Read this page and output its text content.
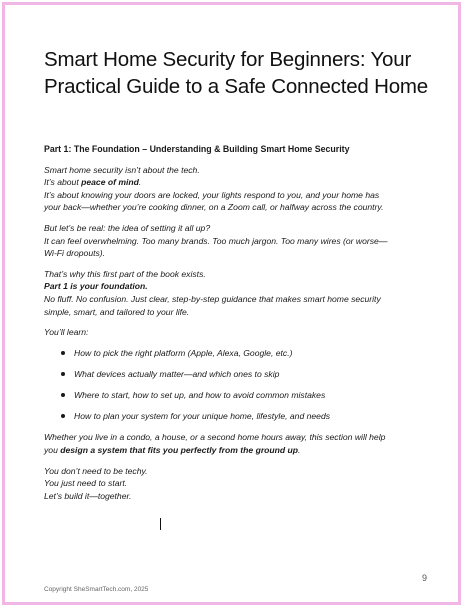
Smart Home Security for Beginners: Your
Practical Guide to a Safe Connected Home
Part 1: The Foundation – Understanding & Building Smart Home Security
Smart home security isn’t about the tech.
It’s about peace of mind.
It’s about knowing your doors are locked, your lights respond to you, and your home has
your back—whether you’re cooking dinner, on a Zoom call, or halfway across the country.
But let’s be real: the idea of setting it all up?
It can feel overwhelming. Too many brands. Too much jargon. Too many wires (or worse—
Wi-Fi dropouts).
That’s why this first part of the book exists.
Part 1 is your foundation.
No fluff. No confusion. Just clear, step-by-step guidance that makes smart home security
simple, smart, and tailored to your life.
You’ll learn:
How to pick the right platform (Apple, Alexa, Google, etc.)
What devices actually matter—and which ones to skip
Where to start, how to set up, and how to avoid common mistakes
How to plan your system for your unique home, lifestyle, and needs
Whether you live in a condo, a house, or a second home hours away, this section will help
you design a system that fits you perfectly from the ground up.
You don’t need to be techy.
You just need to start.
Let’s build it—together.
9
Copyright SheSmartTech.com, 2025
